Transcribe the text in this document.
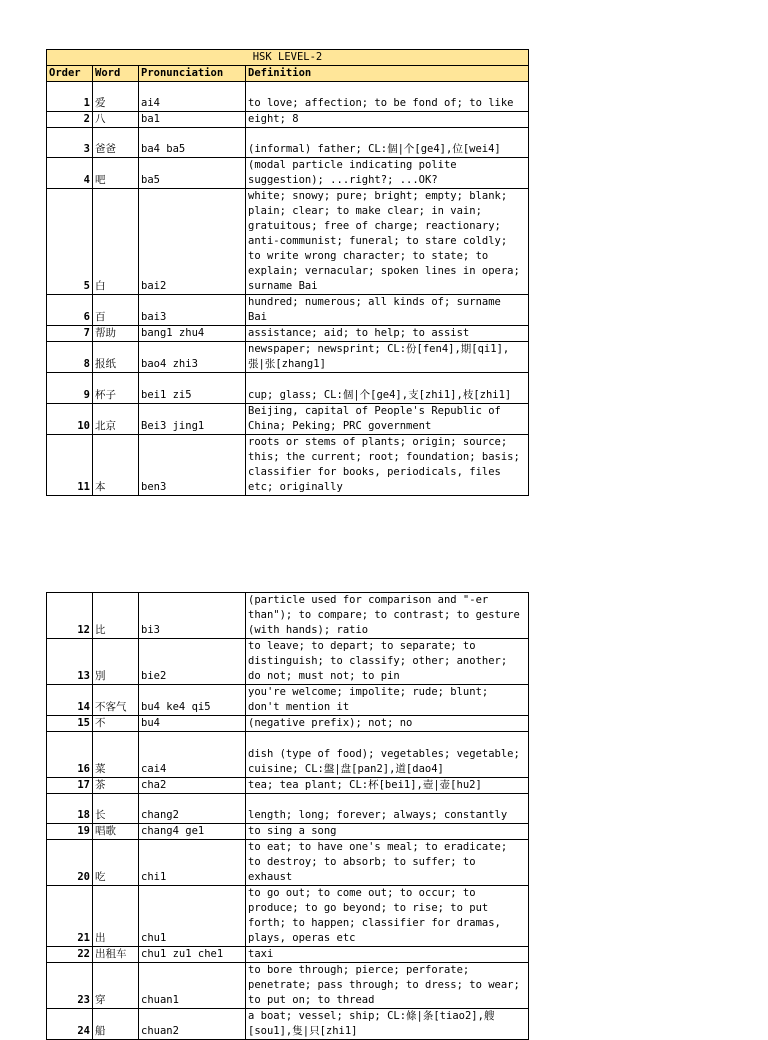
HSK LEVEL-2			
Order	Word	Pronunciation	Definition
1	爱	ai4	to love; affection; to be fond of; to like
2	八	ba1	eight; 8
3	爸爸	ba4 ba5	(informal) father; CL:個|个[ge4],位[wei4]
4	吧	ba5	(modal particle indicating polite suggestion); ...right?; ...OK?
5	白	bai2	white; snowy; pure; bright; empty; blank; plain; clear; to make clear; in vain; gratuitous; free of charge; reactionary; anti-communist; funeral; to stare coldly; to write wrong character; to state; to explain; vernacular; spoken lines in opera; surname Bai
6	百	bai3	hundred; numerous; all kinds of; surname Bai
7	帮助	bang1 zhu4	assistance; aid; to help; to assist
8	报纸	bao4 zhi3	newspaper; newsprint; CL:份[fen4],期[qi1],張|张[zhang1]
9	杯子	bei1 zi5	cup; glass; CL:個|个[ge4],支[zhi1],枝[zhi1]
10	北京	Bei3 jing1	Beijing, capital of People's Republic of China; Peking; PRC government
11	本	ben3	roots or stems of plants; origin; source; this; the current; root; foundation; basis; classifier for books, periodicals, files etc; originally
12	比	bi3	(particle used for comparison and "-er than"); to compare; to contrast; to gesture (with hands); ratio
13	別	bie2	to leave; to depart; to separate; to distinguish; to classify; other; another; do not; must not; to pin
14	不客气	bu4 ke4 qi5	you're welcome; impolite; rude; blunt; don't mention it
15	不	bu4	(negative prefix); not; no
16	菜	cai4	dish (type of food); vegetables; vegetable; cuisine; CL:盤|盘[pan2],道[dao4]
17	茶	cha2	tea; tea plant; CL:杯[bei1],壺|壶[hu2]
18	长	chang2	length; long; forever; always; constantly
19	唱歌	chang4 ge1	to sing a song
20	吃	chi1	to eat; to have one's meal; to eradicate; to destroy; to absorb; to suffer; to exhaust
21	出	chu1	to go out; to come out; to occur; to produce; to go beyond; to rise; to put forth; to happen; classifier for dramas, plays, operas etc
22	出租车	chu1 zu1 che1	taxi
23	穿	chuan1	to bore through; pierce; perforate; penetrate; pass through; to dress; to wear; to put on; to thread
24	船	chuan2	a boat; vessel; ship; CL:條|条[tiao2],艘[sou1],隻|只[zhi1]
